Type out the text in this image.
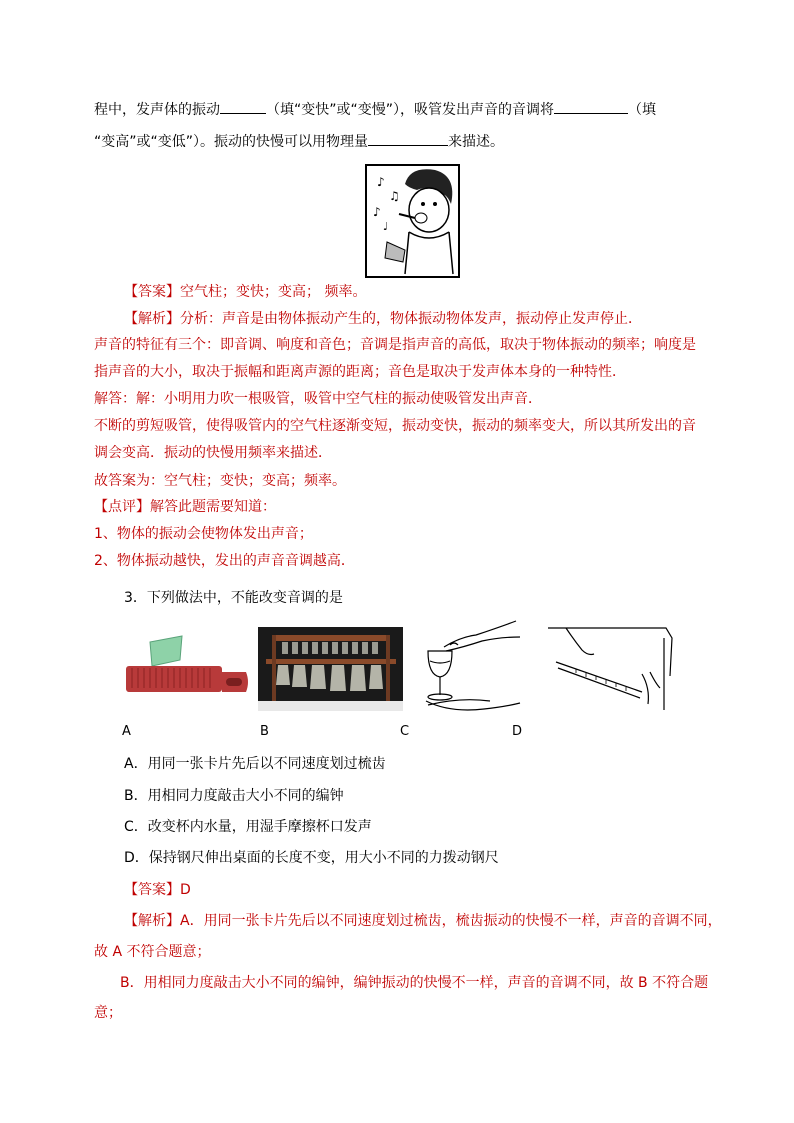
程中，发声体的振动	（填“变快”或“变慢”），吸管发出声音的音调将	（填
“变高”或“变低”）。振动的快慢可以用物理量	来描述。
♪
♫
♪
♩
【答案】空气柱；变快；变高； 频率。
【解析】分析：声音是由物体振动产生的，物体振动物体发声，振动停止发声停止．
声音的特征有三个：即音调、响度和音色；音调是指声音的高低，取决于物体振动的频率；响度是
指声音的大小，取决于振幅和距离声源的距离；音色是取决于发声体本身的一种特性．
解答：解：小明用力吹一根吸管，吸管中空气柱的振动使吸管发出声音．
不断的剪短吸管，使得吸管内的空气柱逐渐变短，振动变快，振动的频率变大，所以其所发出的音
调会变高．振动的快慢用频率来描述．
故答案为：空气柱；变快；变高；频率。
【点评】解答此题需要知道：
1、物体的振动会使物体发出声音；
2、物体振动越快，发出的声音音调越高．
3．下列做法中，不能改变音调的是
A	B	C	D
A．用同一张卡片先后以不同速度划过梳齿
B．用相同力度敲击大小不同的编钟
C．改变杯内水量，用湿手摩擦杯口发声
D．保持钢尺伸出桌面的长度不变，用大小不同的力拨动钢尺
【答案】D
【解析】A．用同一张卡片先后以不同速度划过梳齿，梳齿振动的快慢不一样，声音的音调不同，
故 A 不符合题意；
B．用相同力度敲击大小不同的编钟，编钟振动的快慢不一样，声音的音调不同，故 B 不符合题
意；
